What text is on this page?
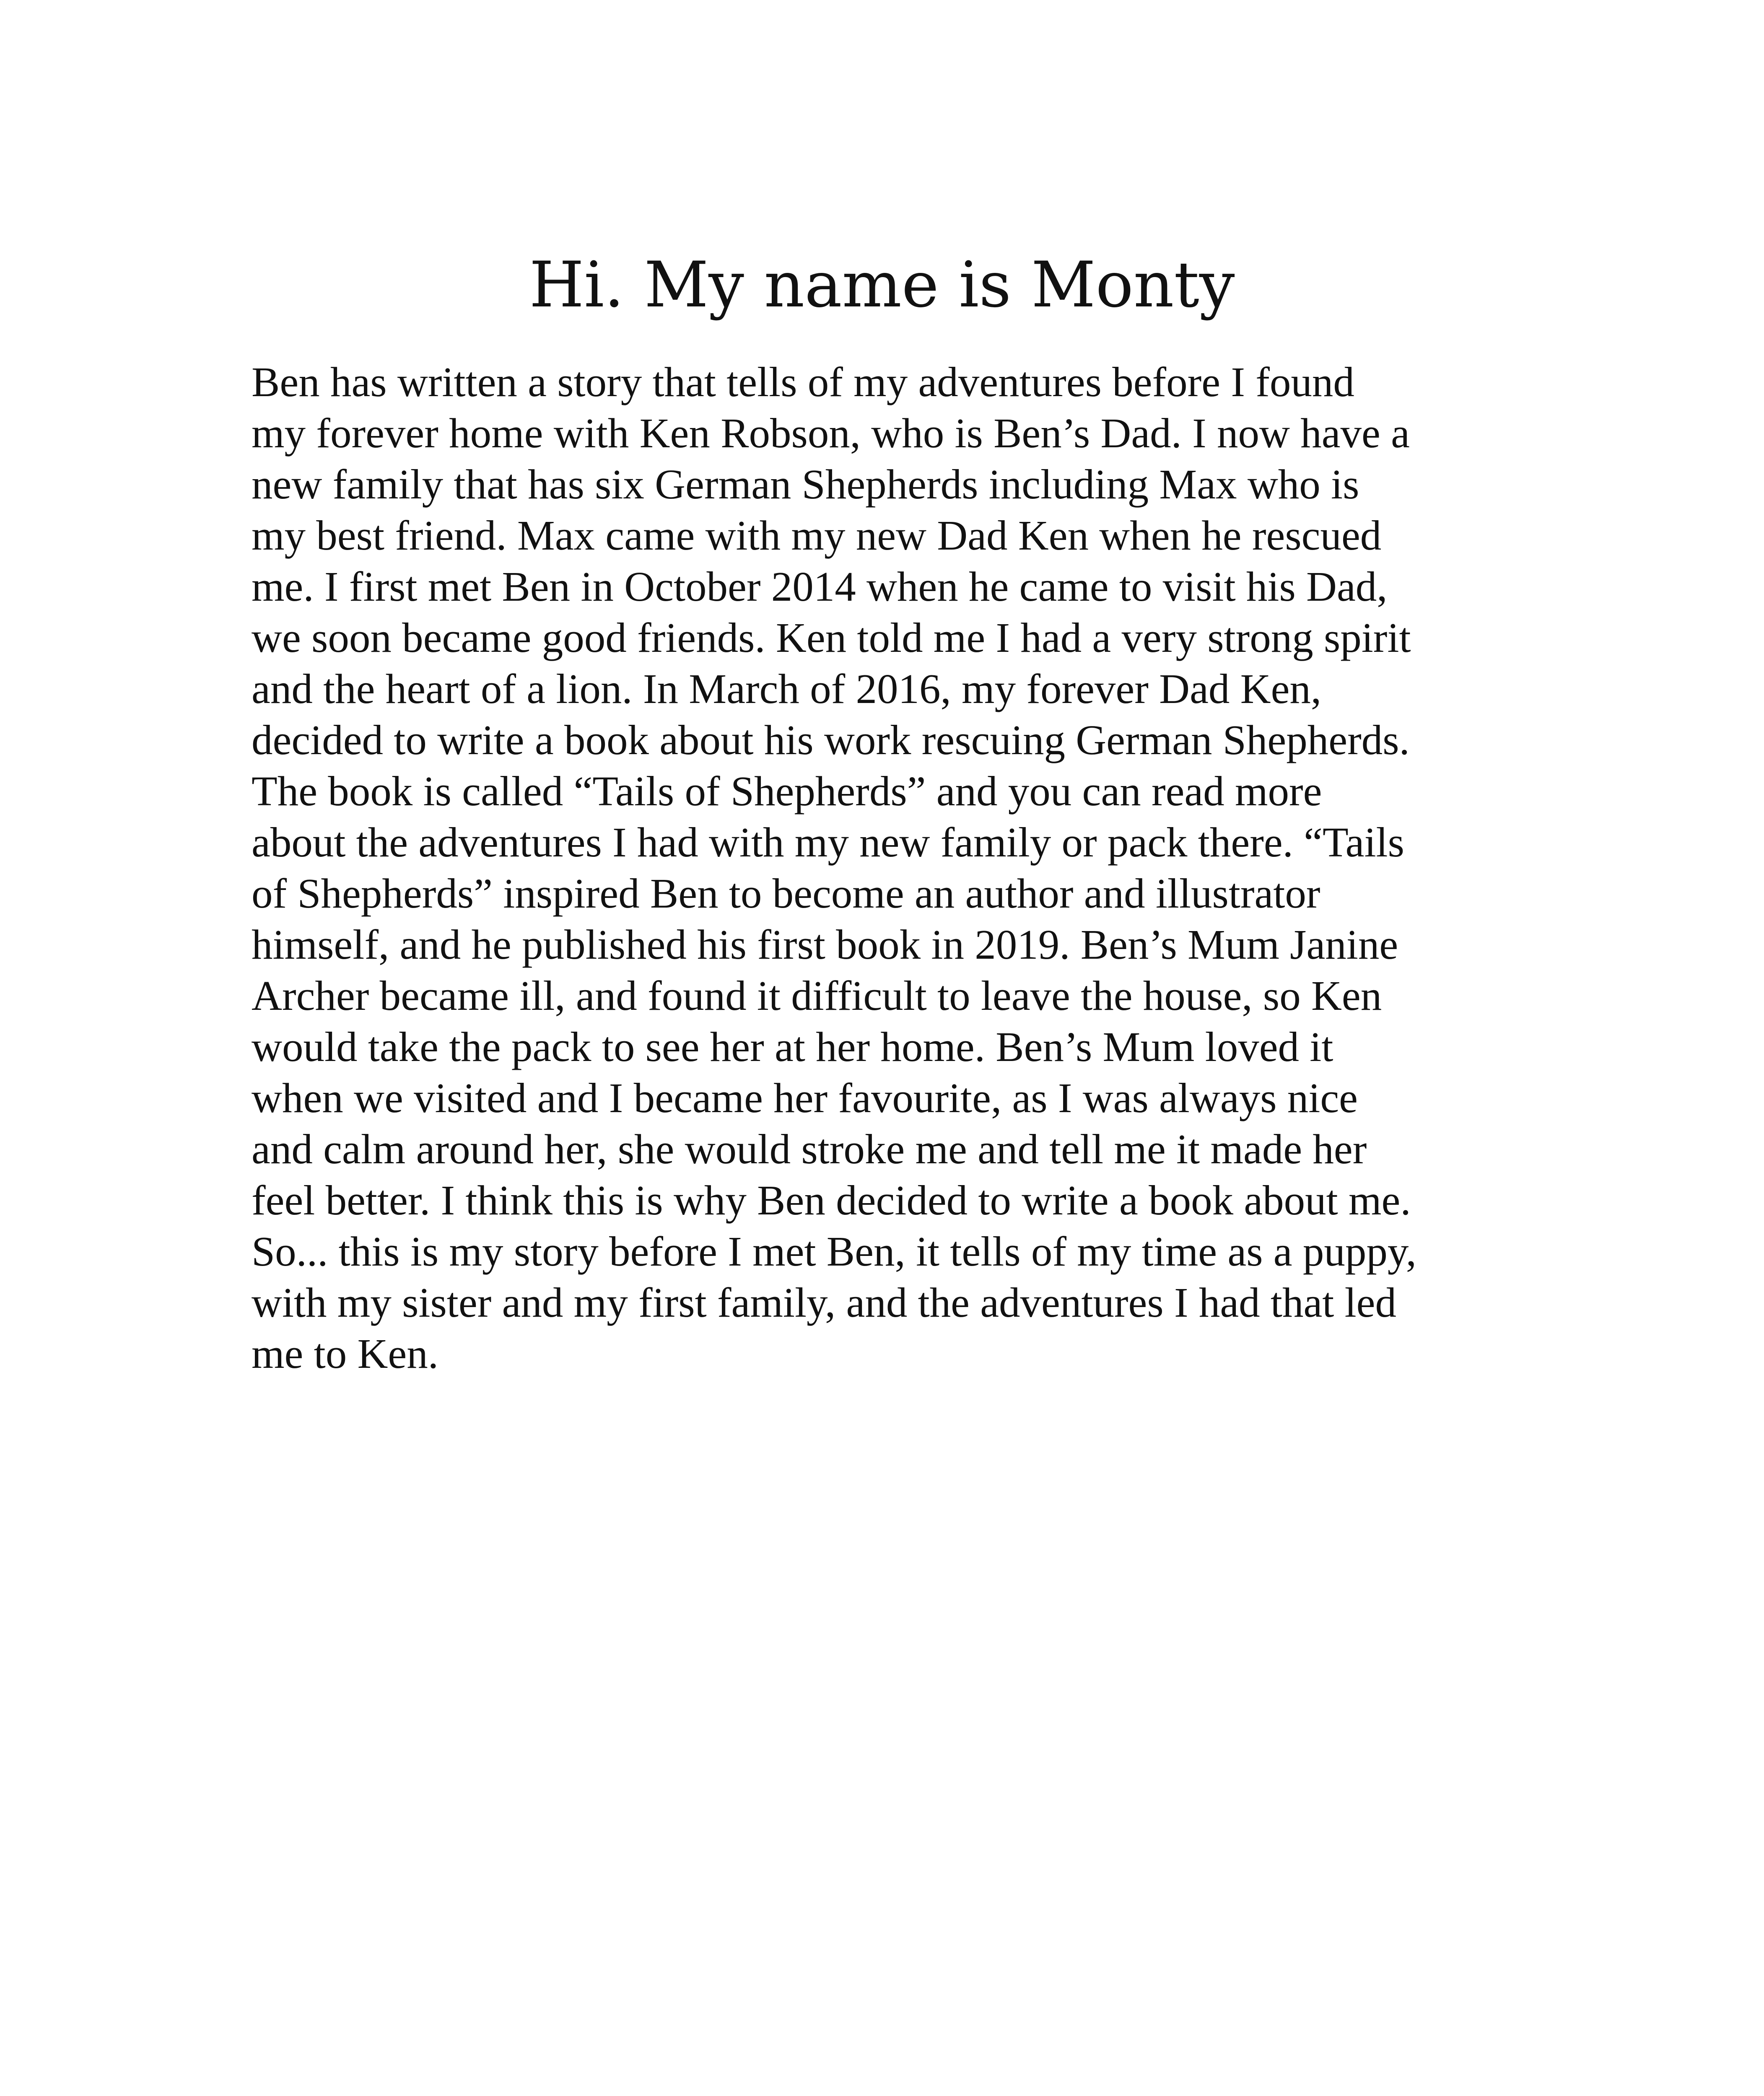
Hi. My name is Monty

Ben has written a story that tells of my adventures before I found
my forever home with Ken Robson, who is Ben’s Dad. I now have a
new family that has six German Shepherds including Max who is
my best friend. Max came with my new Dad Ken when he rescued
me. I first met Ben in October 2014 when he came to visit his Dad,
we soon became good friends. Ken told me I had a very strong spirit
and the heart of a lion. In March of 2016, my forever Dad Ken,
decided to write a book about his work rescuing German Shepherds.
The book is called “Tails of Shepherds” and you can read more
about the adventures I had with my new family or pack there. “Tails
of Shepherds” inspired Ben to become an author and illustrator
himself, and he published his first book in 2019. Ben’s Mum Janine
Archer became ill, and found it difficult to leave the house, so Ken
would take the pack to see her at her home. Ben’s Mum loved it
when we visited and I became her favourite, as I was always nice
and calm around her, she would stroke me and tell me it made her
feel better. I think this is why Ben decided to write a book about me.
So... this is my story before I met Ben, it tells of my time as a puppy,
with my sister and my first family, and the adventures I had that led
me to Ken.
